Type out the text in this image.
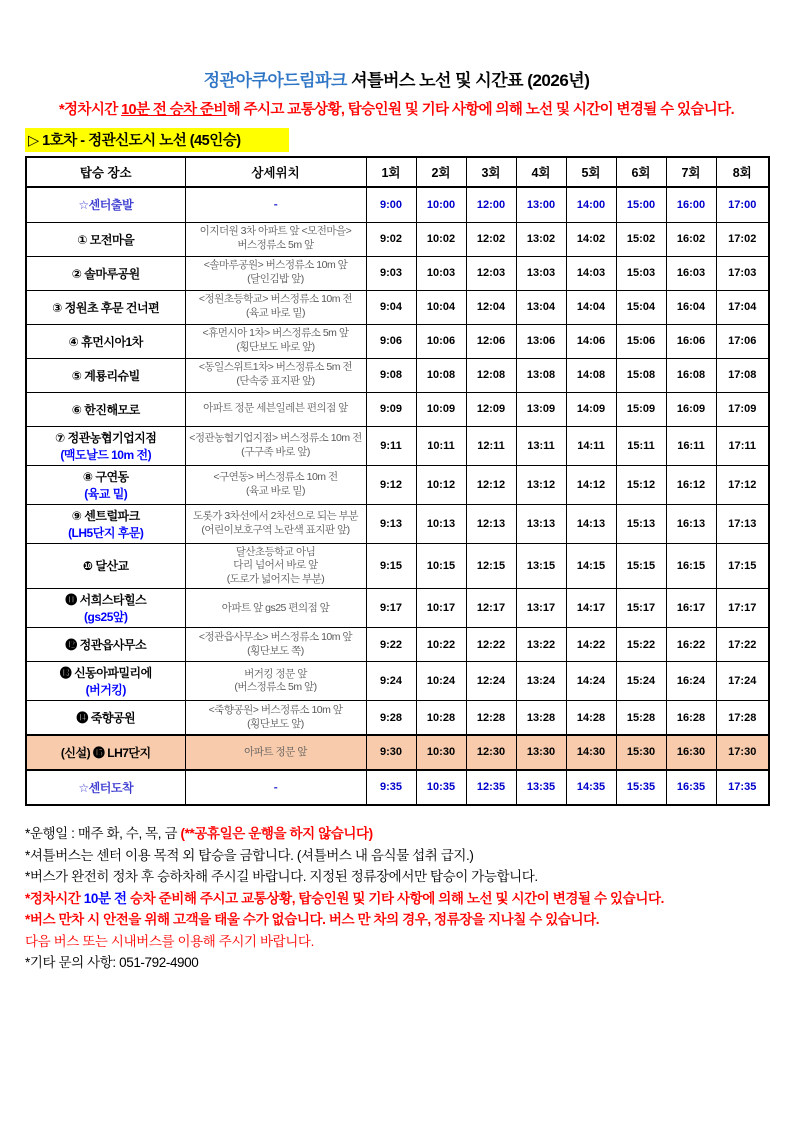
정관아쿠아드림파크 셔틀버스 노선 및 시간표 (2026년)
*정차시간 10분 전 승차 준비해 주시고 교통상황, 탑승인원 및 기타 사항에 의해 노선 및 시간이 변경될 수 있습니다.
▷ 1호차 - 정관신도시 노선 (45인승)
탑승 장소	상세위치	1회	2회	3회	4회	5회	6회	7회	8회
☆센터출발	-	9:00	10:00	12:00	13:00	14:00	15:00	16:00	17:00
① 모전마을	이지더원 3차 아파트 앞 <모전마을>
버스정류소 5m 앞	9:02	10:02	12:02	13:02	14:02	15:02	16:02	17:02
② 솔마루공원	<솔마루공원> 버스정류소 10m 앞
(달인김밥 앞)	9:03	10:03	12:03	13:03	14:03	15:03	16:03	17:03
③ 정원초 후문 건너편	<정원초등학교> 버스정류소 10m 전
(육교 바로 밑)	9:04	10:04	12:04	13:04	14:04	15:04	16:04	17:04
④ 휴먼시아1차	<휴먼시아 1차> 버스정류소 5m 앞
(횡단보도 바로 앞)	9:06	10:06	12:06	13:06	14:06	15:06	16:06	17:06
⑤ 계룡리슈빌	<동일스위트1차> 버스정류소 5m 전
(단속중 표지판 앞)	9:08	10:08	12:08	13:08	14:08	15:08	16:08	17:08
⑥ 한진해모로	아파트 정문 세븐일레븐 편의점 앞	9:09	10:09	12:09	13:09	14:09	15:09	16:09	17:09
⑦ 정관농협기업지점
(맥도날드 10m 전)	<정관농협기업지점> 버스정류소 10m 전
(구구족 바로 앞)	9:11	10:11	12:11	13:11	14:11	15:11	16:11	17:11
⑧ 구연동
(육교 밑)	<구연동> 버스정류소 10m 전
(육교 바로 밑)	9:12	10:12	12:12	13:12	14:12	15:12	16:12	17:12
⑨ 센트럴파크
(LH5단지 후문)	도롯가 3차선에서 2차선으로 되는 부분
(어린이보호구역 노란색 표지판 앞)	9:13	10:13	12:13	13:13	14:13	15:13	16:13	17:13
❿ 달산교	달산초등학교 아님
다리 넘어서 바로 앞
(도로가 넓어지는 부분)	9:15	10:15	12:15	13:15	14:15	15:15	16:15	17:15
⓫ 서희스타힐스
(gs25앞)	아파트 앞 gs25 편의점 앞	9:17	10:17	12:17	13:17	14:17	15:17	16:17	17:17
⓬ 정관읍사무소	<정관읍사무소> 버스정류소 10m 앞
(횡단보도 쪽)	9:22	10:22	12:22	13:22	14:22	15:22	16:22	17:22
⓭ 신동아파밀리에
(버거킹)	버거킹 정문 앞
(버스정류소 5m 앞)	9:24	10:24	12:24	13:24	14:24	15:24	16:24	17:24
⓮ 죽향공원	<죽향공원> 버스정류소 10m 앞
(횡단보도 앞)	9:28	10:28	12:28	13:28	14:28	15:28	16:28	17:28
(신설) ⓯ LH7단지	아파트 정문 앞	9:30	10:30	12:30	13:30	14:30	15:30	16:30	17:30
☆센터도착	-	9:35	10:35	12:35	13:35	14:35	15:35	16:35	17:35
*운행일 : 매주 화, 수, 목, 금 (**공휴일은 운행을 하지 않습니다)
*셔틀버스는 센터 이용 목적 외 탑승을 금합니다. (셔틀버스 내 음식물 섭취 급지.)
*버스가 완전히 정차 후 승하차해 주시길 바랍니다. 지정된 정류장에서만 탑승이 가능합니다.
*정차시간 10분 전 승차 준비해 주시고 교통상황, 탑승인원 및 기타 사항에 의해 노선 및 시간이 변경될 수 있습니다.
*버스 만차 시 안전을 위해 고객을 태울 수가 없습니다. 버스 만 차의 경우, 정류장을 지나칠 수 있습니다.
다음 버스 또는 시내버스를 이용해 주시기 바랍니다.
*기타 문의 사항: 051-792-4900
